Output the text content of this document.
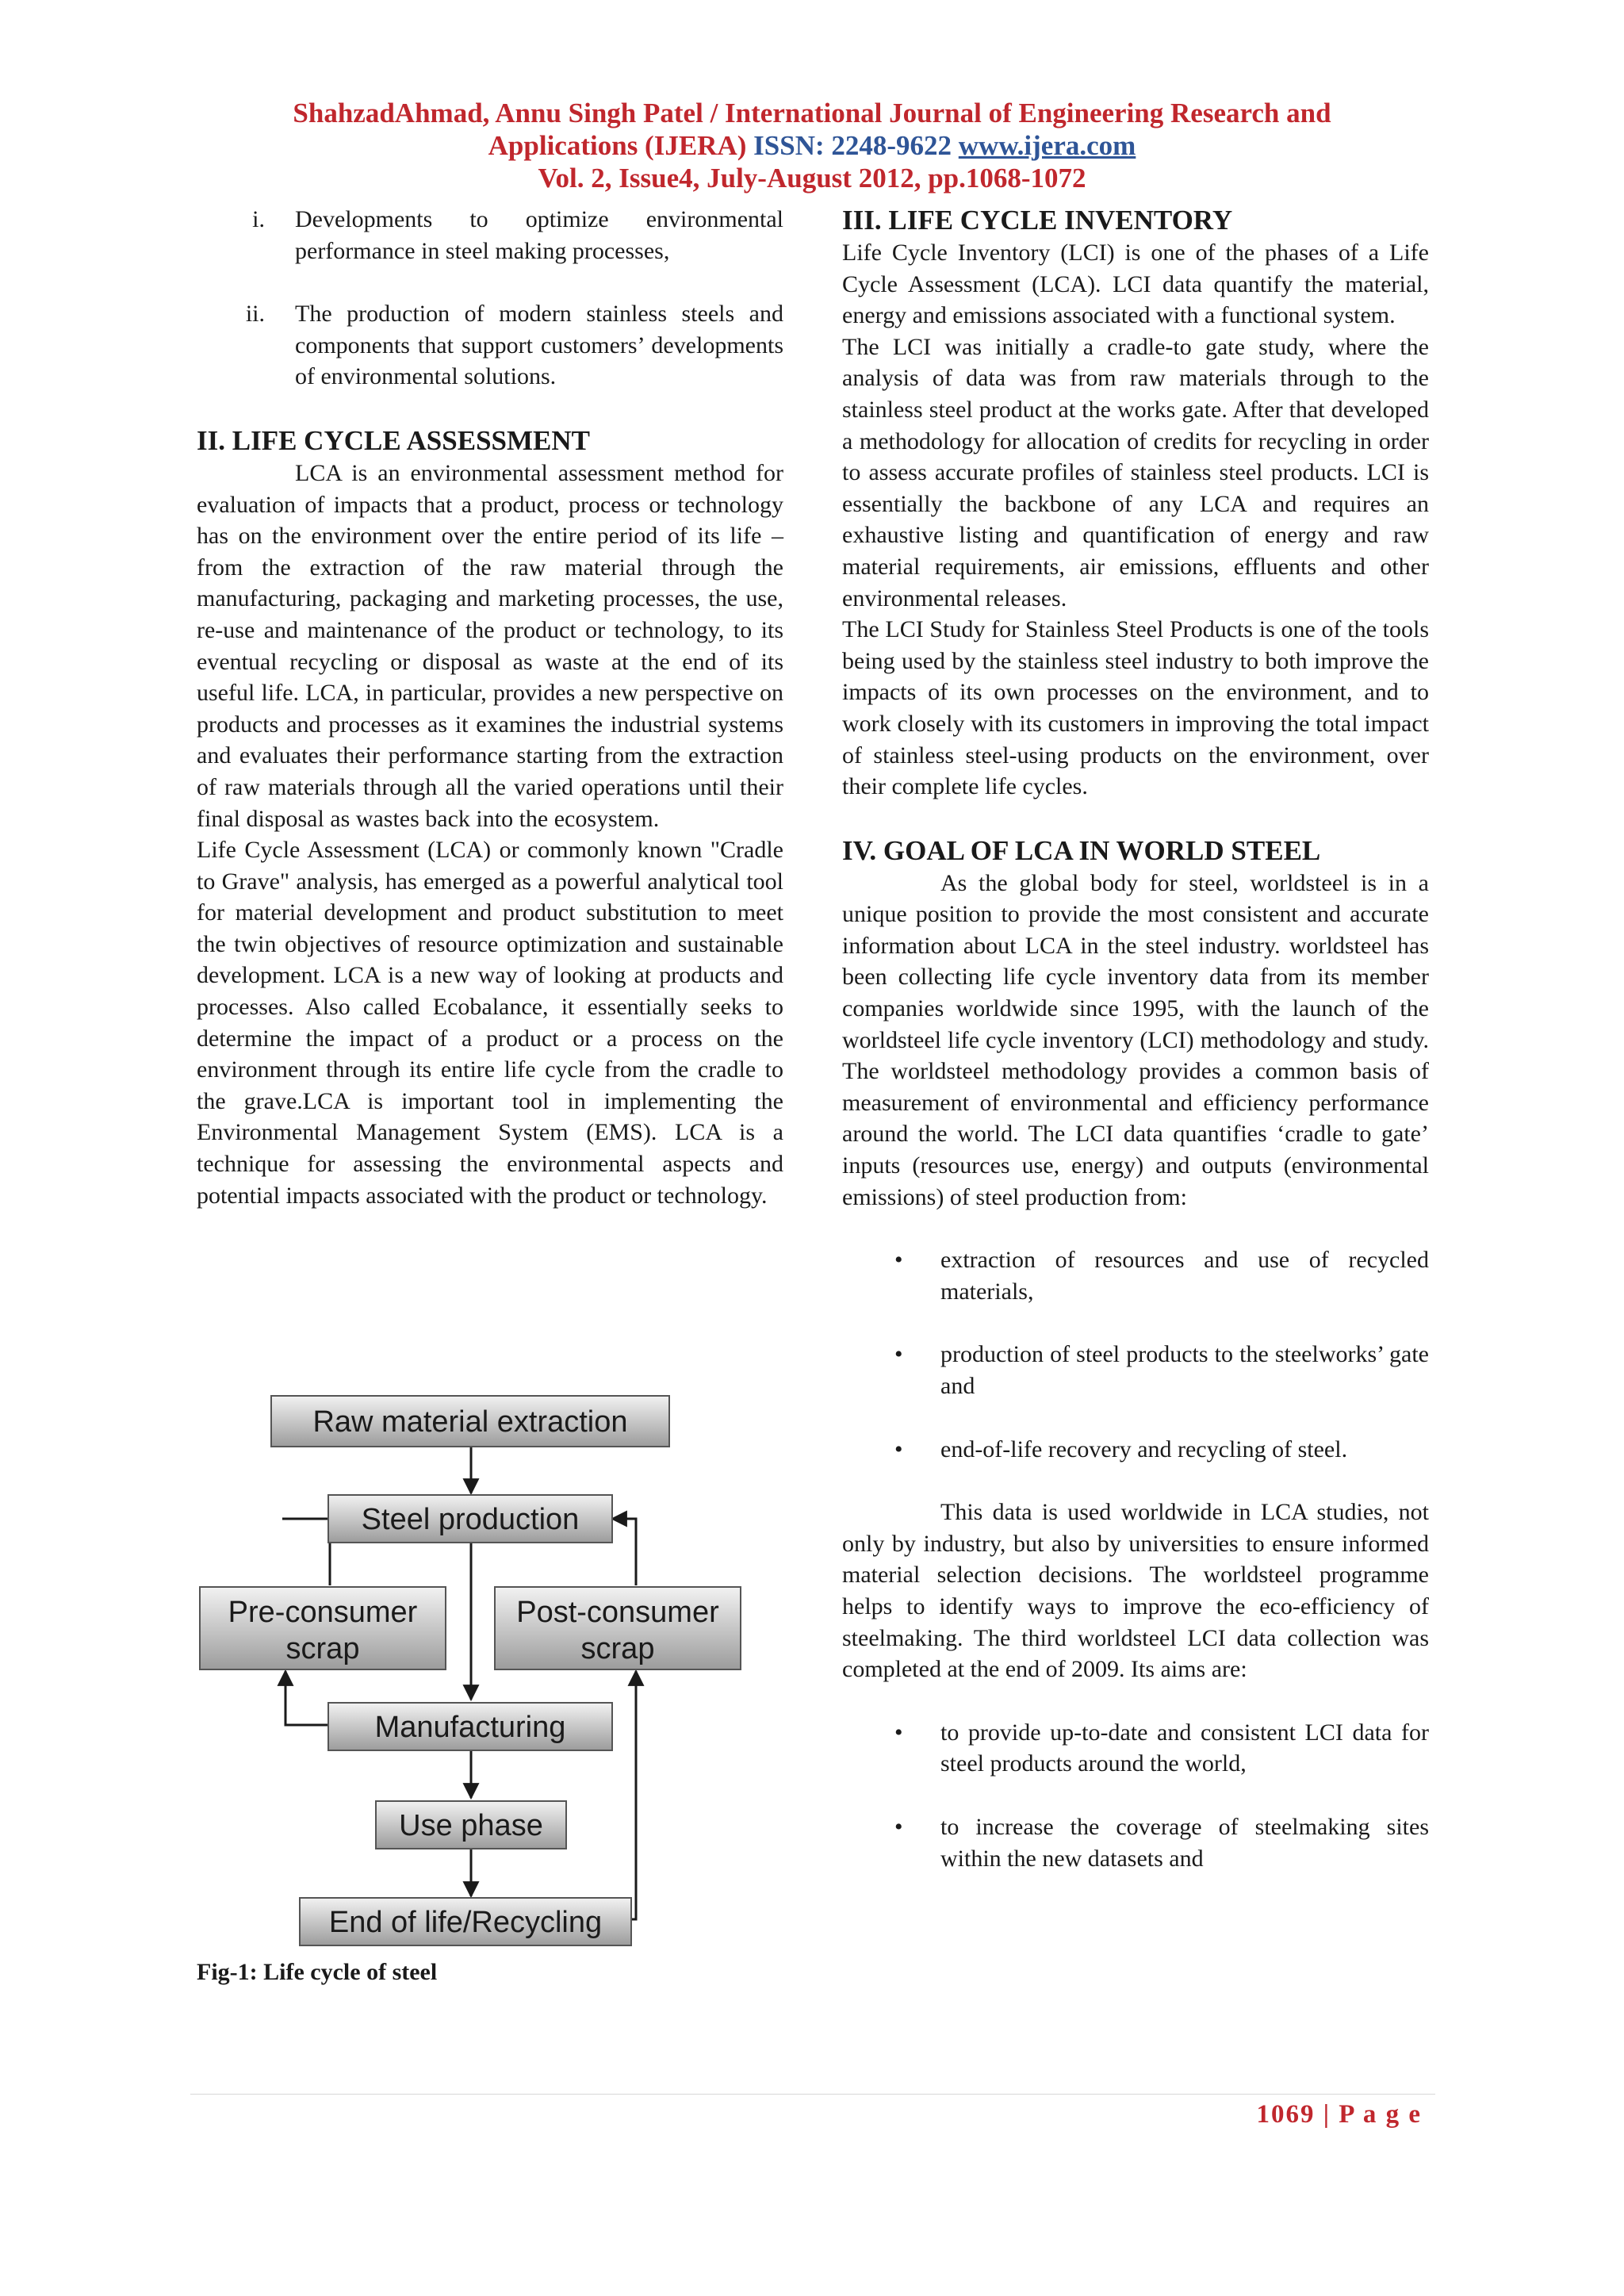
ShahzadAhmad, Annu Singh Patel / International Journal of Engineering Research and
Applications (IJERA) ISSN: 2248-9622 www.ijera.com
Vol. 2, Issue4, July-August 2012, pp.1068-1072
i.	Developments to optimize environmental performance in steel making processes,
ii.	The production of modern stainless steels and components that support customers’ developments of environmental solutions.
II. LIFE CYCLE ASSESSMENT

LCA is an environmental assessment method for evaluation of impacts that a product, process or technology has on the environment over the entire period of its life –from the extraction of the raw material through the manufacturing, packaging and marketing processes, the use, re-use and maintenance of the product or technology, to its eventual recycling or disposal as waste at the end of its useful life. LCA, in particular, provides a new perspective on products and processes as it examines the industrial systems and evaluates their performance starting from the extraction of raw materials through all the varied operations until their final disposal as wastes back into the ecosystem.

Life Cycle Assessment (LCA) or commonly known "Cradle to Grave" analysis, has emerged as a powerful analytical tool for material development and product substitution to meet the twin objectives of resource optimization and sustainable development. LCA is a new way of looking at products and processes. Also called Ecobalance, it essentially seeks to determine the impact of a product or a process on the environment through its entire life cycle from the cradle to the grave.LCA is important tool in implementing the Environmental Management System (EMS). LCA is a technique for assessing the environmental aspects and potential impacts associated with the product or technology.

Raw material extraction
Steel production
Pre-consumer
scrap
Post-consumer
scrap
Manufacturing
Use phase
End of life/Recycling
Fig-1: Life cycle of steel
III. LIFE CYCLE INVENTORY

Life Cycle Inventory (LCI) is one of the phases of a Life Cycle Assessment (LCA). LCI data quantify the material, energy and emissions associated with a functional system.

The LCI was initially a cradle-to gate study, where the analysis of data was from raw materials through to the stainless steel product at the works gate. After that developed a methodology for allocation of credits for recycling in order to assess accurate profiles of stainless steel products. LCI is essentially the backbone of any LCA and requires an exhaustive listing and quantification of energy and raw material requirements, air emissions, effluents and other environmental releases.

The LCI Study for Stainless Steel Products is one of the tools being used by the stainless steel industry to both improve the impacts of its own processes on the environment, and to work closely with its customers in improving the total impact of stainless steel-using products on the environment, over their complete life cycles.

IV. GOAL OF LCA IN WORLD STEEL

As the global body for steel, worldsteel is in a unique position to provide the most consistent and accurate information about LCA in the steel industry. worldsteel has been collecting life cycle inventory data from its member companies worldwide since 1995, with the launch of the worldsteel life cycle inventory (LCI) methodology and study. The worldsteel methodology provides a common basis of measurement of environmental and efficiency performance around the world. The LCI data quantifies ‘cradle to gate’ inputs (resources use, energy) and outputs (environmental emissions) of steel production from:

•	extraction of resources and use of recycled materials,
•	production of steel products to the steelworks’ gate and
•	end-of-life recovery and recycling of steel.

This data is used worldwide in LCA studies, not only by industry, but also by universities to ensure informed material selection decisions. The worldsteel programme helps to identify ways to improve the eco-efficiency of steelmaking. The third worldsteel LCI data collection was completed at the end of 2009. Its aims are:

•	to provide up-to-date and consistent LCI data for steel products around the world,
•	to increase the coverage of steelmaking sites within the new datasets and
1069 | P a g e
